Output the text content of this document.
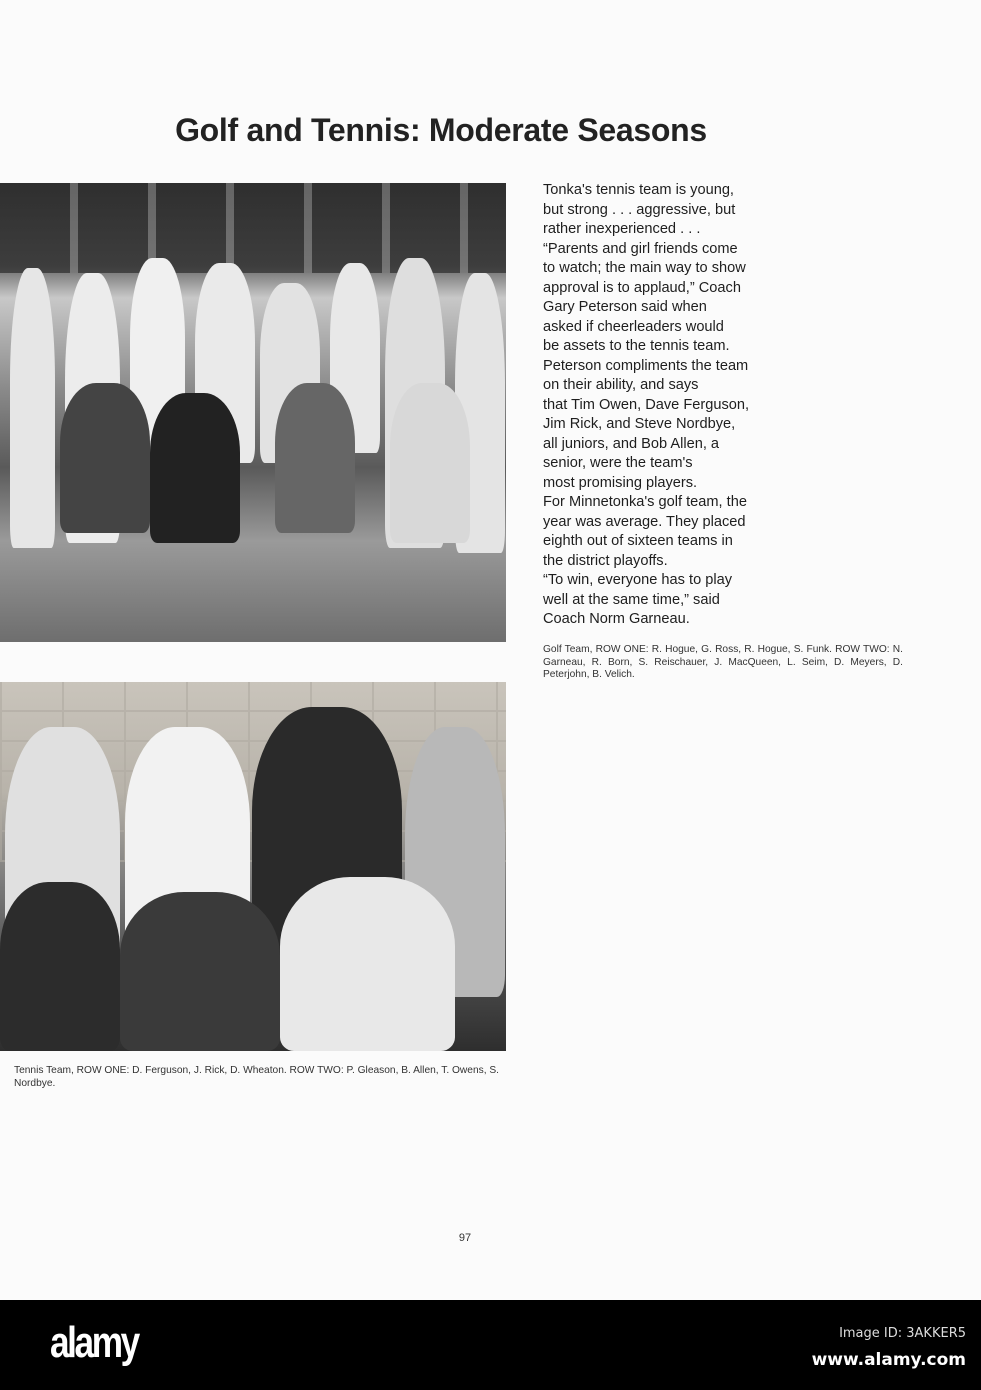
Golf and Tennis: Moderate Seasons
Tonka's tennis team is young,
but strong . . . aggressive, but
rather inexperienced . . .
“Parents and girl friends come
to watch; the main way to show
approval is to applaud,” Coach
Gary Peterson said when
asked if cheerleaders would
be assets to the tennis team.
Peterson compliments the team
on their ability, and says
that Tim Owen, Dave Ferguson,
Jim Rick, and Steve Nordbye,
all juniors, and Bob Allen, a
senior, were the team's
most promising players.
For Minnetonka's golf team, the
year was average. They placed
eighth out of sixteen teams in
the district playoffs.
“To win, everyone has to play
well at the same time,” said
Coach Norm Garneau.
Golf Team, ROW ONE: R. Hogue, G. Ross, R. Hogue, S. Funk. ROW TWO: N. Garneau, R. Born, S. Reischauer, J. MacQueen, L. Seim, D. Meyers, D. Peterjohn, B. Velich.
Tennis Team, ROW ONE: D. Ferguson, J. Rick, D. Wheaton. ROW TWO: P. Gleason, B. Allen, T. Owens, S. Nordbye.
97
alamy	Image ID: 3AKKER5
www.alamy.com
